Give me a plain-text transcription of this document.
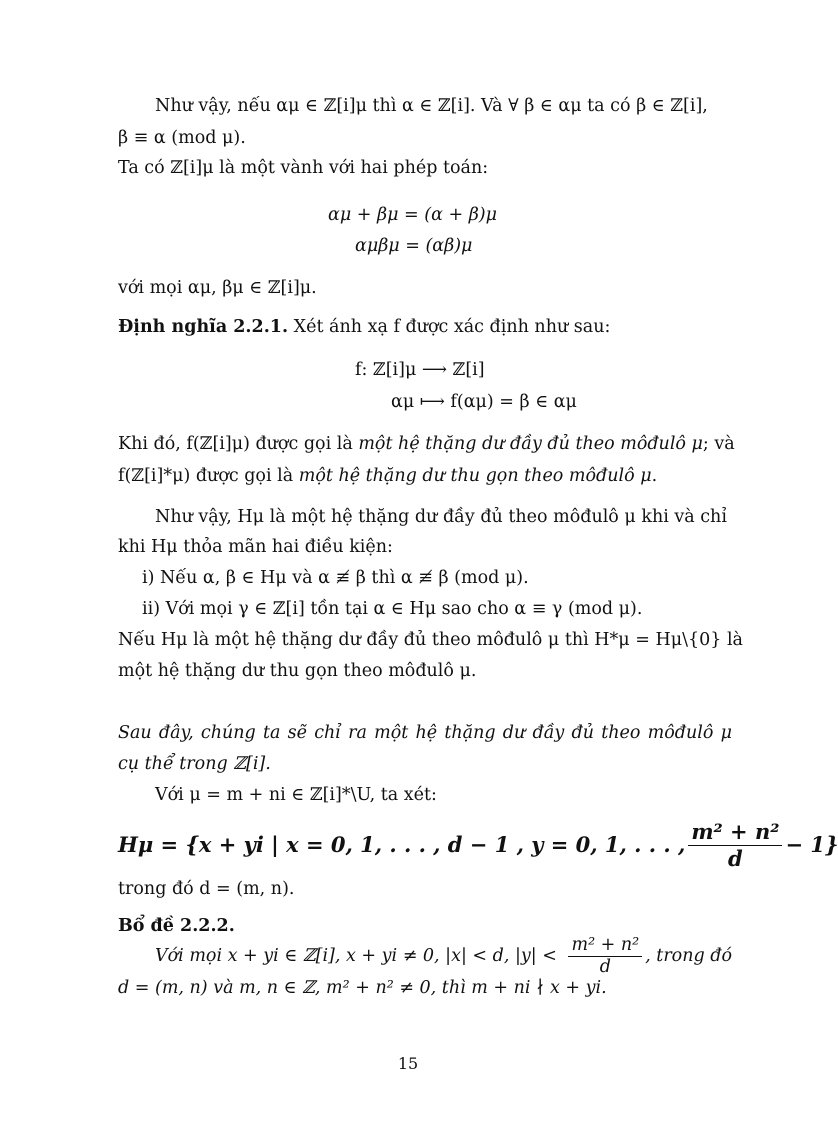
Như vậy, nếu αμ ∈ ℤ[i]μ thì α ∈ ℤ[i]. Và ∀ β ∈ αμ ta có β ∈ ℤ[i],
β ≡ α (mod μ).
Ta có ℤ[i]μ là một vành với hai phép toán:
αμ + βμ = (α + β)μ
αμβμ = (αβ)μ
với mọi αμ, βμ ∈ ℤ[i]μ.
Định nghĩa 2.2.1. Xét ánh xạ f được xác định như sau:
f: ℤ[i]μ ⟶ ℤ[i]
αμ ⟼ f(αμ) = β ∈ αμ
Khi đó, f(ℤ[i]μ) được gọi là một hệ thặng dư đầy đủ theo môđulô μ; và
f(ℤ[i]*μ) được gọi là một hệ thặng dư thu gọn theo môđulô μ.
Như vậy, Hμ là một hệ thặng dư đầy đủ theo môđulô μ khi và chỉ
khi Hμ thỏa mãn hai điều kiện:
i) Nếu α, β ∈ Hμ và α ≢ β thì α ≢ β (mod μ).
ii) Với mọi γ ∈ ℤ[i] tồn tại α ∈ Hμ sao cho α ≡ γ (mod μ).
Nếu Hμ là một hệ thặng dư đầy đủ theo môđulô μ thì H*μ = Hμ\{0} là
một hệ thặng dư thu gọn theo môđulô μ.
Sau đây, chúng ta sẽ chỉ ra một hệ thặng dư đầy đủ theo môđulô μ
cụ thể trong ℤ[i].
Với μ = m + ni ∈ ℤ[i]*\U, ta xét:
Hμ = {x + yi | x = 0, 1, . . . , d − 1 , y = 0, 1, . . . , $\frac{\text{m² + n²}}{d} - 1$}
trong đó d = (m, n).
Bổ đề 2.2.2.
Với mọi x + yi ∈ ℤ[i], x + yi ≠ 0, |x| < d, $|y| < \frac{\text{m² + n²}}{d}$ , trong đó
d = (m, n) và m, n ∈ ℤ, m² + n² ≠ 0, thì m + ni ∤ x + yi.
15
